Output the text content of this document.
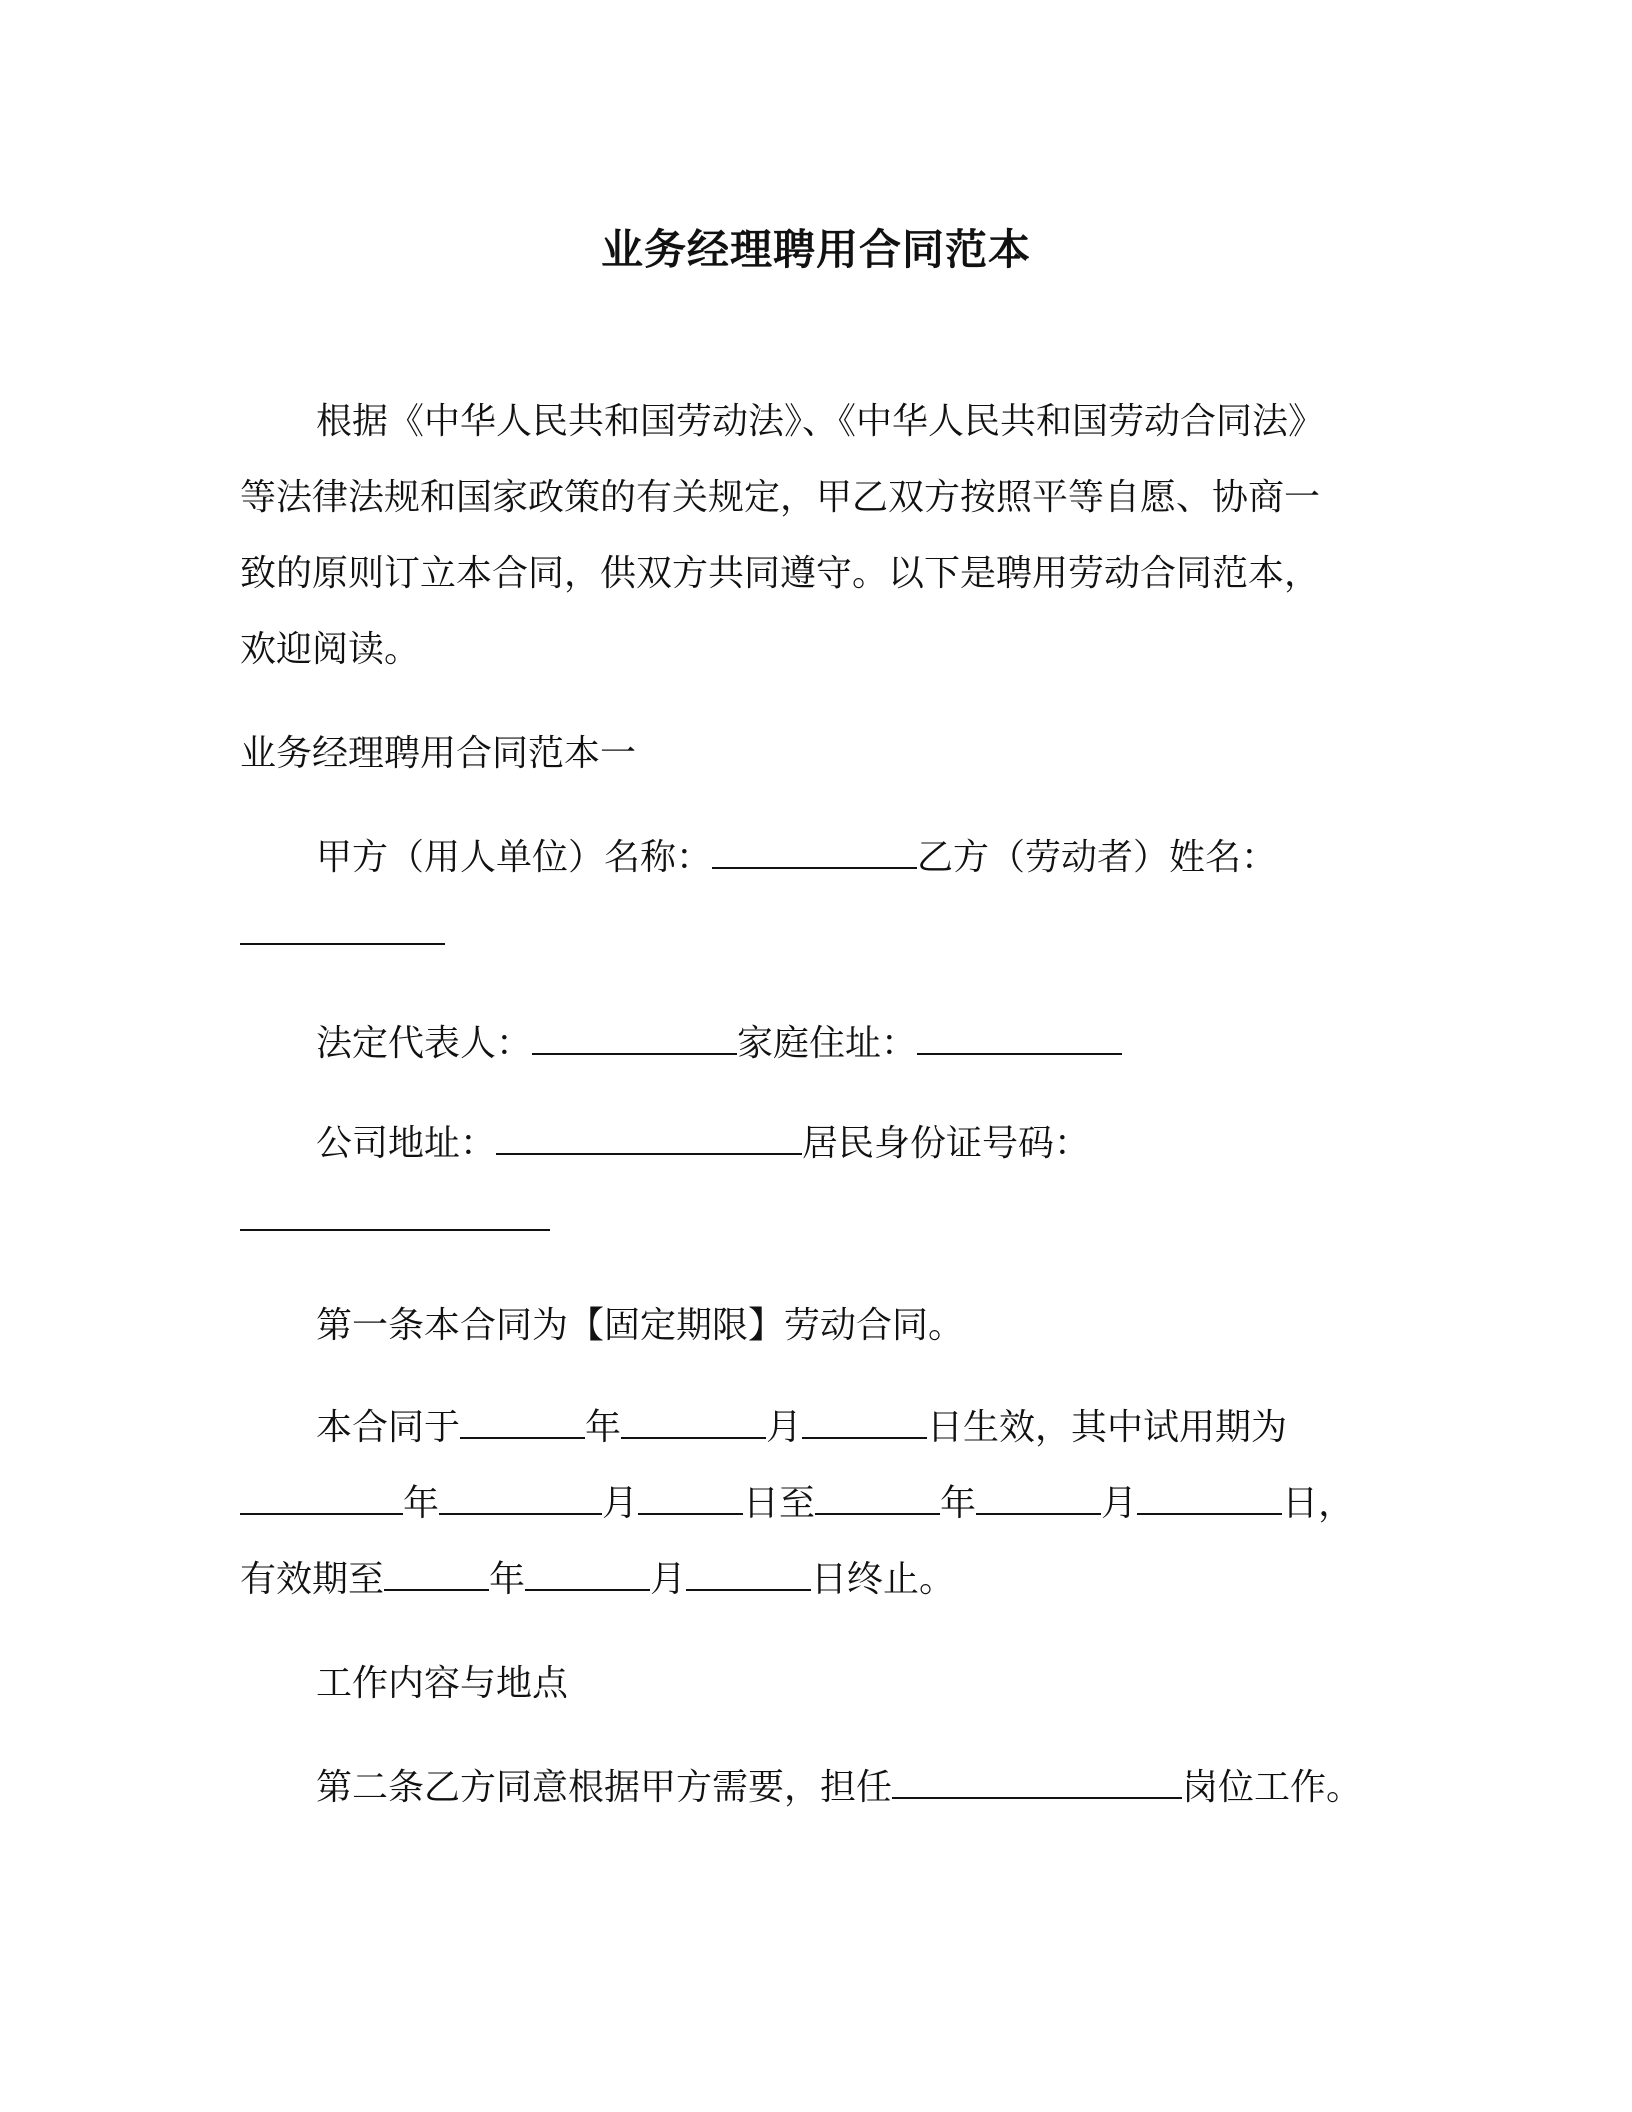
业务经理聘用合同范本
根据《中华人民共和国劳动法》、《中华人民共和国劳动合同法》
等法律法规和国家政策的有关规定，甲乙双方按照平等自愿、协商一
致的原则订立本合同，供双方共同遵守。以下是聘用劳动合同范本，
欢迎阅读。
业务经理聘用合同范本一
甲方（用人单位）名称：	乙方（劳动者）姓名：
法定代表人：	家庭住址：
公司地址：	居民身份证号码：
第一条本合同为【固定期限】劳动合同。
本合同于	年	月	日生效，其中试用期为
年	月	日至	年	月	日，
有效期至	年	月	日终止。
工作内容与地点
第二条乙方同意根据甲方需要，担任	岗位工作。
